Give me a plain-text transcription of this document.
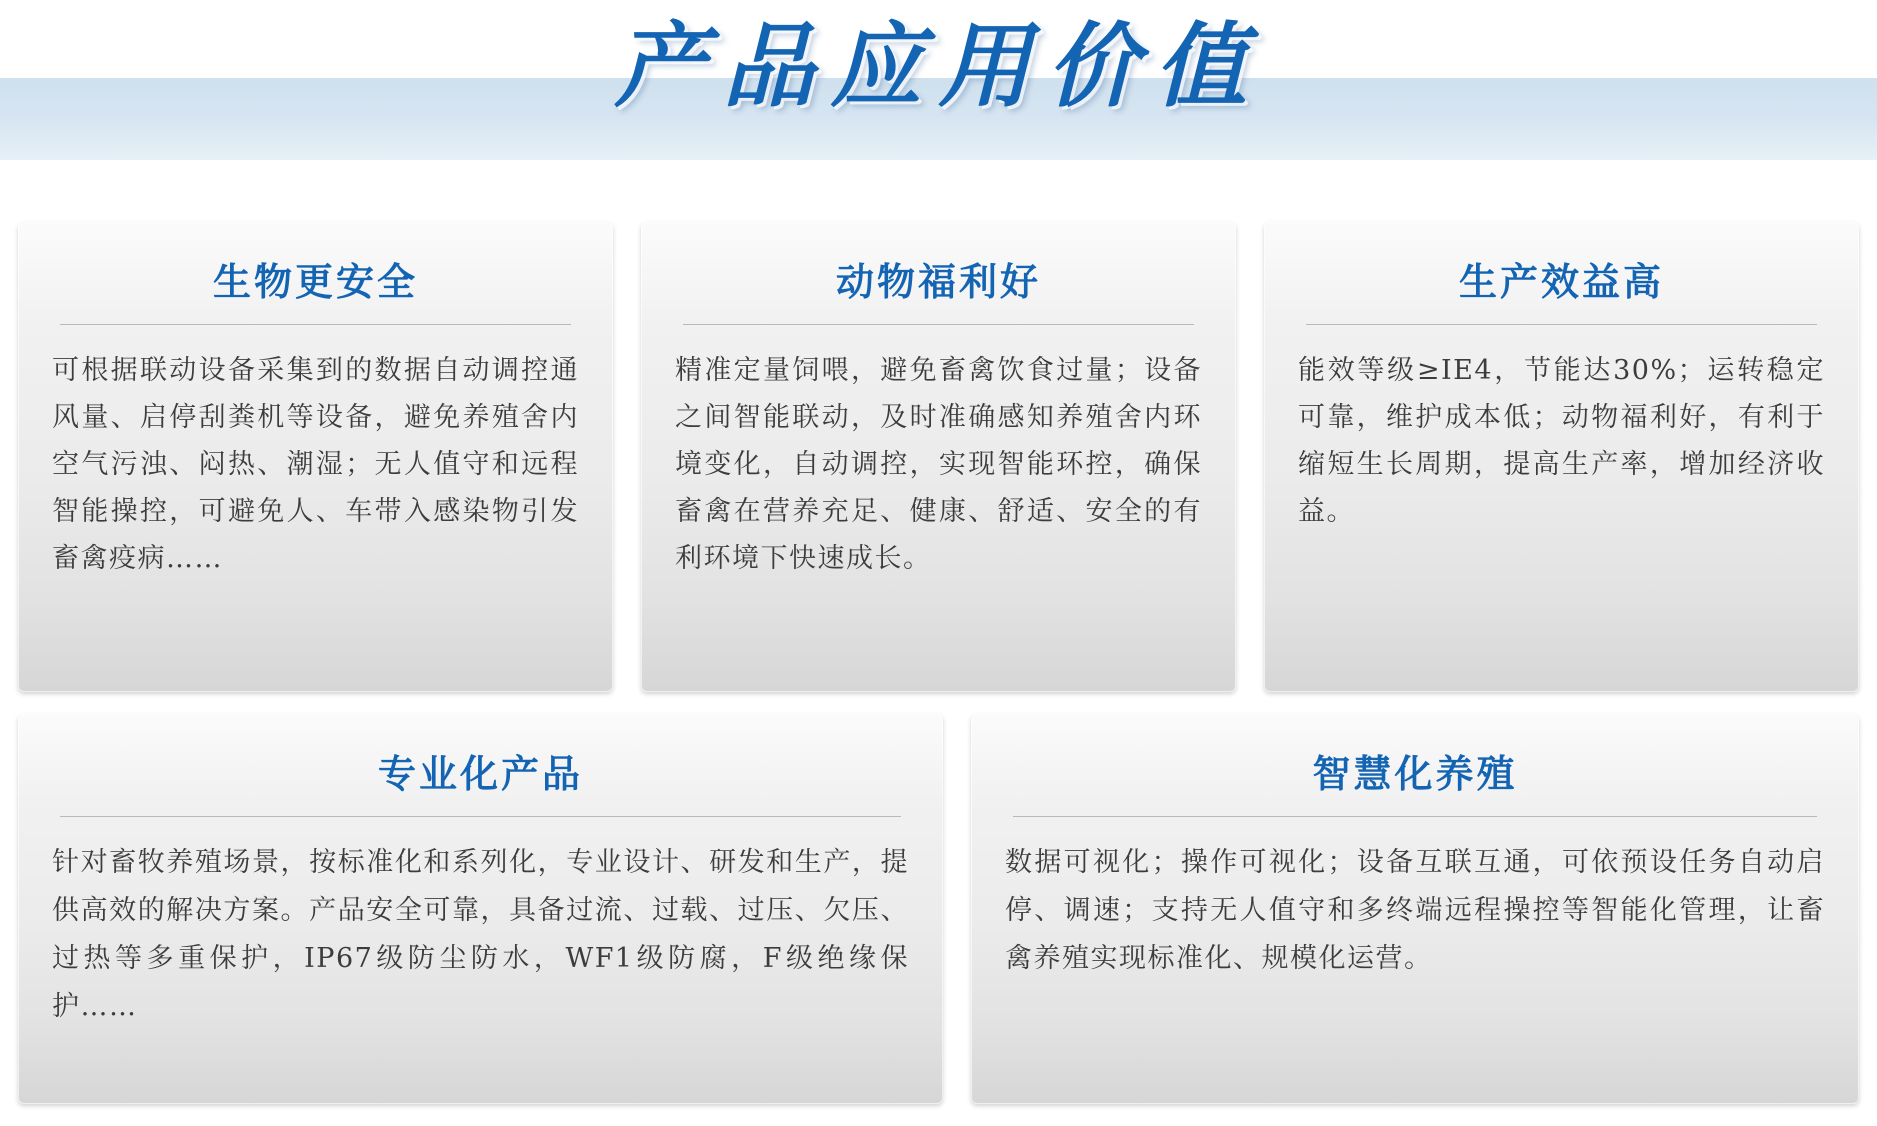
产品应用价值
生物更安全
可根据联动设备采集到的数据自动调控通风量、启停刮粪机等设备，避免养殖舍内空气污浊、闷热、潮湿；无人值守和远程智能操控，可避免人、车带入感染物引发畜禽疫病……
动物福利好
精准定量饲喂，避免畜禽饮食过量；设备之间智能联动，及时准确感知养殖舍内环境变化，自动调控，实现智能环控，确保畜禽在营养充足、健康、舒适、安全的有利环境下快速成长。
生产效益高
能效等级≥IE4，节能达30%；运转稳定可靠，维护成本低；动物福利好，有利于缩短生长周期，提高生产率，增加经济收益。
专业化产品
针对畜牧养殖场景，按标准化和系列化，专业设计、研发和生产，提供高效的解决方案。产品安全可靠，具备过流、过载、过压、欠压、过热等多重保护，IP67级防尘防水，WF1级防腐，F级绝缘保护……
智慧化养殖
数据可视化；操作可视化；设备互联互通，可依预设任务自动启停、调速；支持无人值守和多终端远程操控等智能化管理，让畜禽养殖实现标准化、规模化运营。
